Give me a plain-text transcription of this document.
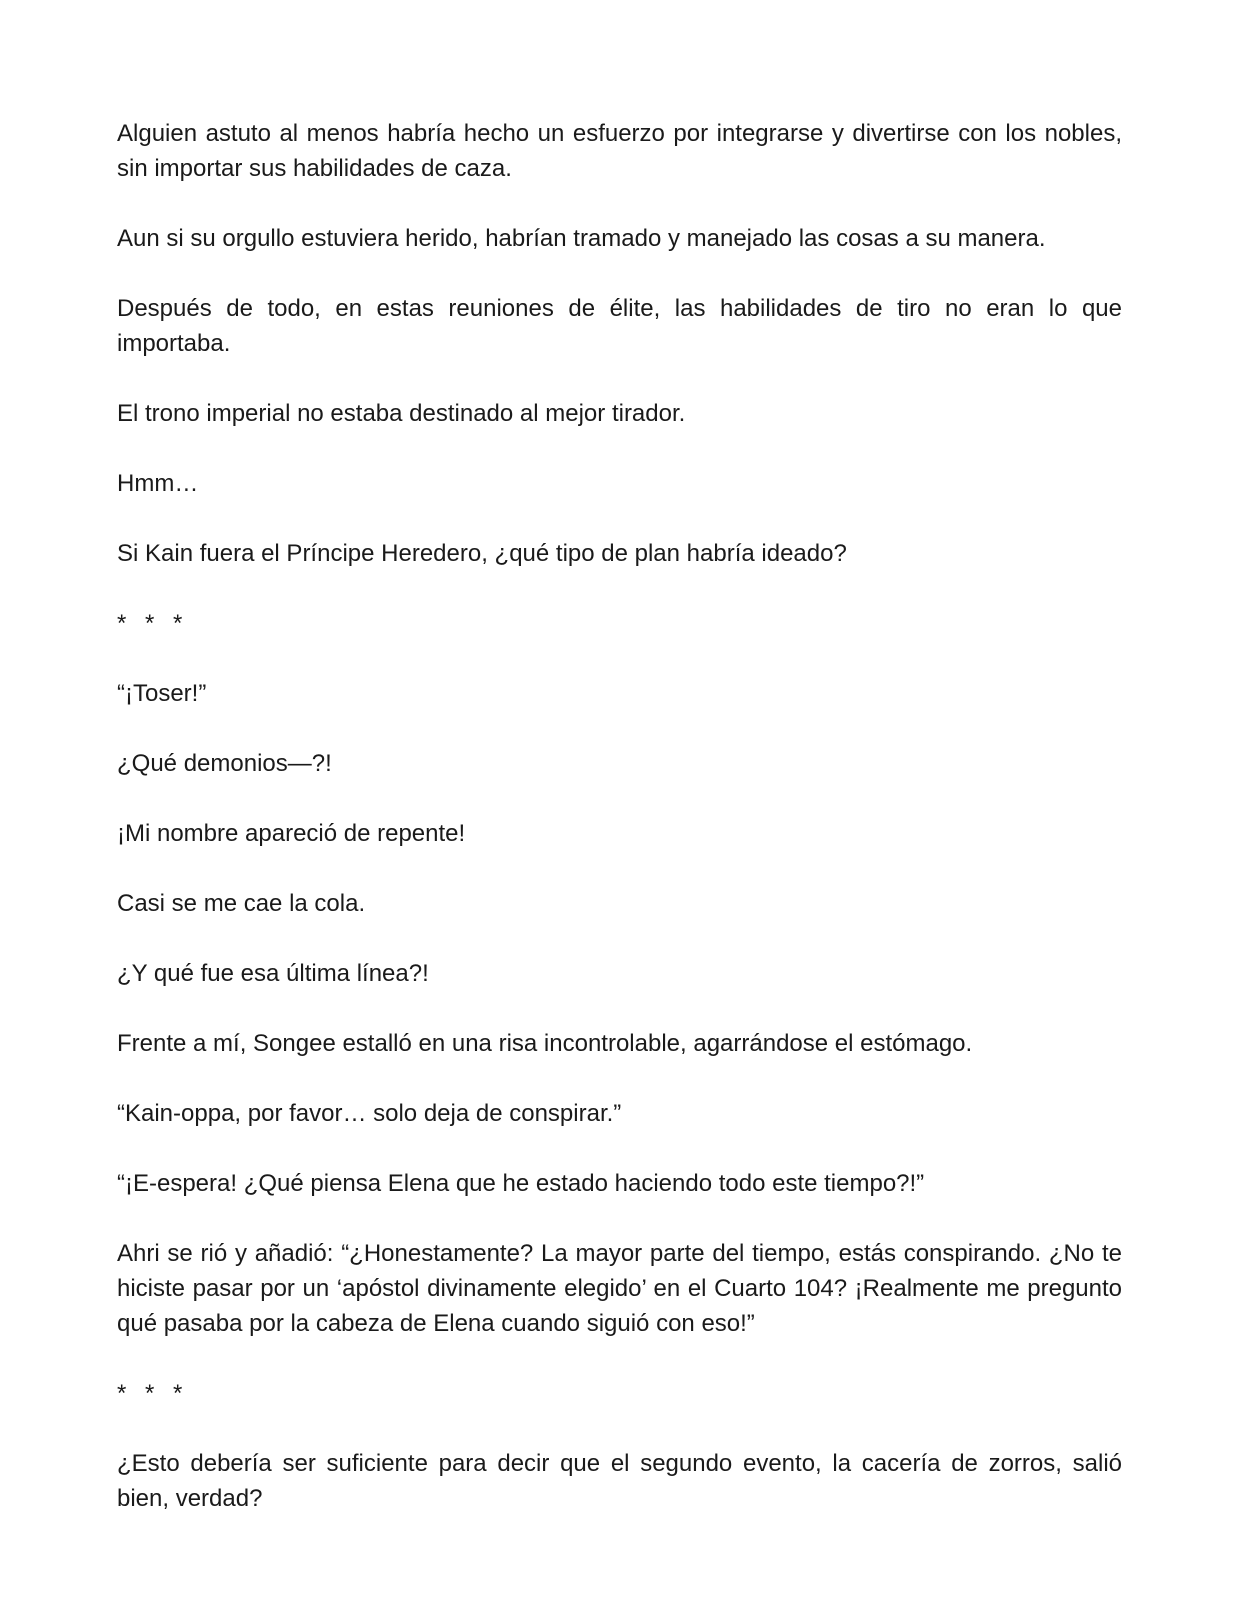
Alguien astuto al menos habría hecho un esfuerzo por integrarse y divertirse con los nobles, sin importar sus habilidades de caza.

Aun si su orgullo estuviera herido, habrían tramado y manejado las cosas a su manera.

Después de todo, en estas reuniones de élite, las habilidades de tiro no eran lo que importaba.

El trono imperial no estaba destinado al mejor tirador.

Hmm…

Si Kain fuera el Príncipe Heredero, ¿qué tipo de plan habría ideado?

* * *

“¡Toser!”

¿Qué demonios—?!

¡Mi nombre apareció de repente!

Casi se me cae la cola.

¿Y qué fue esa última línea?!

Frente a mí, Songee estalló en una risa incontrolable, agarrándose el estómago.

“Kain-oppa, por favor… solo deja de conspirar.”

“¡E-espera! ¿Qué piensa Elena que he estado haciendo todo este tiempo?!”

Ahri se rió y añadió: “¿Honestamente? La mayor parte del tiempo, estás conspirando. ¿No te hiciste pasar por un ‘apóstol divinamente elegido’ en el Cuarto 104? ¡Realmente me pregunto qué pasaba por la cabeza de Elena cuando siguió con eso!”

* * *

¿Esto debería ser suficiente para decir que el segundo evento, la cacería de zorros, salió bien, verdad?
